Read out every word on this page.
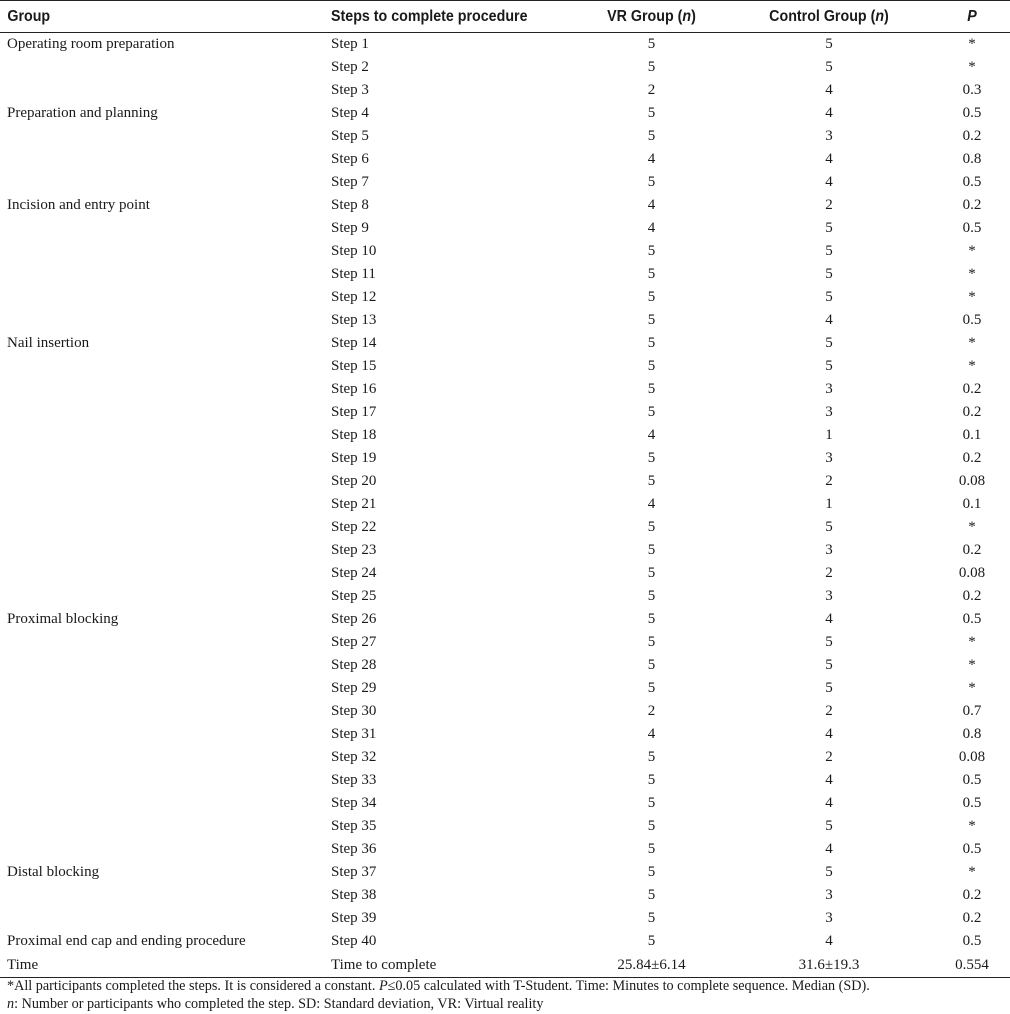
Group	Steps to complete procedure	VR Group (n)	Control Group (n)	P
Operating room preparation	Step 1	5	5	*
	Step 2	5	5	*
	Step 3	2	4	0.3
Preparation and planning	Step 4	5	4	0.5
	Step 5	5	3	0.2
	Step 6	4	4	0.8
	Step 7	5	4	0.5
Incision and entry point	Step 8	4	2	0.2
	Step 9	4	5	0.5
	Step 10	5	5	*
	Step 11	5	5	*
	Step 12	5	5	*
	Step 13	5	4	0.5
Nail insertion	Step 14	5	5	*
	Step 15	5	5	*
	Step 16	5	3	0.2
	Step 17	5	3	0.2
	Step 18	4	1	0.1
	Step 19	5	3	0.2
	Step 20	5	2	0.08
	Step 21	4	1	0.1
	Step 22	5	5	*
	Step 23	5	3	0.2
	Step 24	5	2	0.08
	Step 25	5	3	0.2
Proximal blocking	Step 26	5	4	0.5
	Step 27	5	5	*
	Step 28	5	5	*
	Step 29	5	5	*
	Step 30	2	2	0.7
	Step 31	4	4	0.8
	Step 32	5	2	0.08
	Step 33	5	4	0.5
	Step 34	5	4	0.5
	Step 35	5	5	*
	Step 36	5	4	0.5
Distal blocking	Step 37	5	5	*
	Step 38	5	3	0.2
	Step 39	5	3	0.2
Proximal end cap and ending procedure	Step 40	5	4	0.5
Time	Time to complete	25.84±6.14	31.6±19.3	0.554
*All participants completed the steps. It is considered a constant. P≤0.05 calculated with T-Student. Time: Minutes to complete sequence. Median (SD).
n: Number or participants who completed the step. SD: Standard deviation, VR: Virtual reality
